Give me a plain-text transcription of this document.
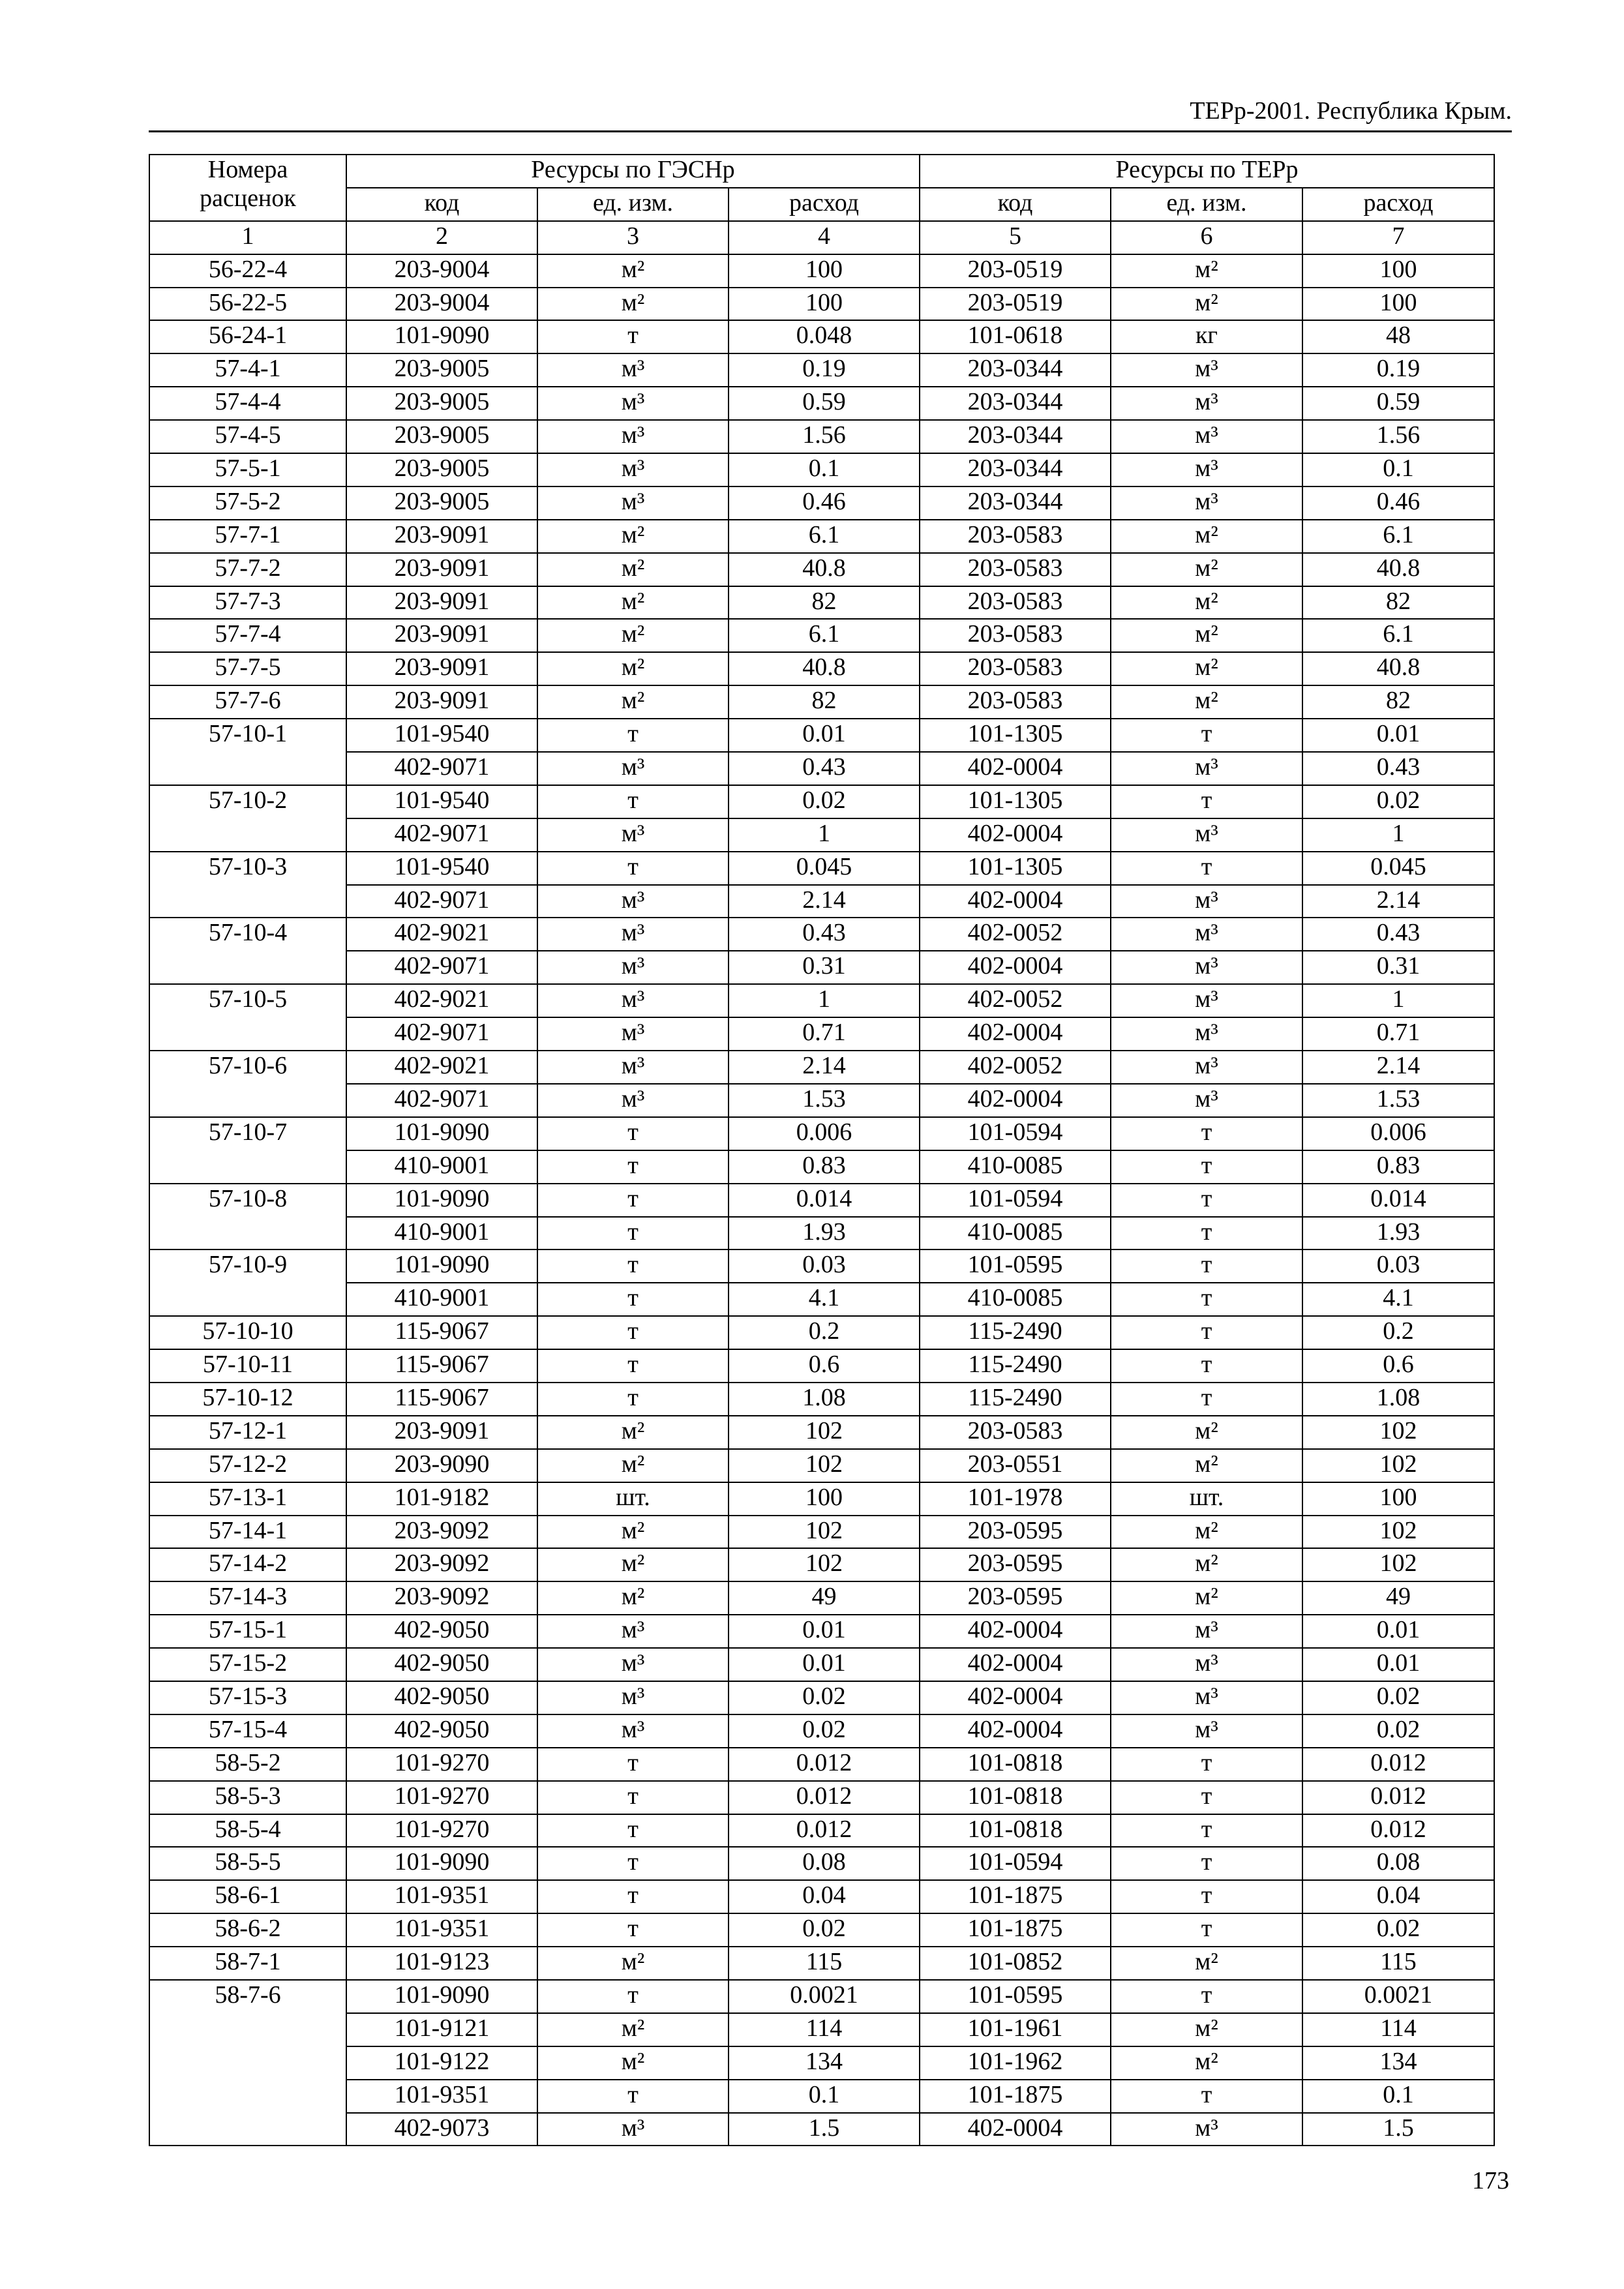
ТЕРр-2001. Республика Крым.
Номера
расценок	Ресурсы по ГЭСНр			Ресурсы по ТЕРр		
	код	ед. изм.	расход	код	ед. изм.	расход
1	2	3	4	5	6	7
56-22-4	203-9004	м²	100	203-0519	м²	100
56-22-5	203-9004	м²	100	203-0519	м²	100
56-24-1	101-9090	т	0.048	101-0618	кг	48
57-4-1	203-9005	м³	0.19	203-0344	м³	0.19
57-4-4	203-9005	м³	0.59	203-0344	м³	0.59
57-4-5	203-9005	м³	1.56	203-0344	м³	1.56
57-5-1	203-9005	м³	0.1	203-0344	м³	0.1
57-5-2	203-9005	м³	0.46	203-0344	м³	0.46
57-7-1	203-9091	м²	6.1	203-0583	м²	6.1
57-7-2	203-9091	м²	40.8	203-0583	м²	40.8
57-7-3	203-9091	м²	82	203-0583	м²	82
57-7-4	203-9091	м²	6.1	203-0583	м²	6.1
57-7-5	203-9091	м²	40.8	203-0583	м²	40.8
57-7-6	203-9091	м²	82	203-0583	м²	82
57-10-1	101-9540	т	0.01	101-1305	т	0.01
	402-9071	м³	0.43	402-0004	м³	0.43
57-10-2	101-9540	т	0.02	101-1305	т	0.02
	402-9071	м³	1	402-0004	м³	1
57-10-3	101-9540	т	0.045	101-1305	т	0.045
	402-9071	м³	2.14	402-0004	м³	2.14
57-10-4	402-9021	м³	0.43	402-0052	м³	0.43
	402-9071	м³	0.31	402-0004	м³	0.31
57-10-5	402-9021	м³	1	402-0052	м³	1
	402-9071	м³	0.71	402-0004	м³	0.71
57-10-6	402-9021	м³	2.14	402-0052	м³	2.14
	402-9071	м³	1.53	402-0004	м³	1.53
57-10-7	101-9090	т	0.006	101-0594	т	0.006
	410-9001	т	0.83	410-0085	т	0.83
57-10-8	101-9090	т	0.014	101-0594	т	0.014
	410-9001	т	1.93	410-0085	т	1.93
57-10-9	101-9090	т	0.03	101-0595	т	0.03
	410-9001	т	4.1	410-0085	т	4.1
57-10-10	115-9067	т	0.2	115-2490	т	0.2
57-10-11	115-9067	т	0.6	115-2490	т	0.6
57-10-12	115-9067	т	1.08	115-2490	т	1.08
57-12-1	203-9091	м²	102	203-0583	м²	102
57-12-2	203-9090	м²	102	203-0551	м²	102
57-13-1	101-9182	шт.	100	101-1978	шт.	100
57-14-1	203-9092	м²	102	203-0595	м²	102
57-14-2	203-9092	м²	102	203-0595	м²	102
57-14-3	203-9092	м²	49	203-0595	м²	49
57-15-1	402-9050	м³	0.01	402-0004	м³	0.01
57-15-2	402-9050	м³	0.01	402-0004	м³	0.01
57-15-3	402-9050	м³	0.02	402-0004	м³	0.02
57-15-4	402-9050	м³	0.02	402-0004	м³	0.02
58-5-2	101-9270	т	0.012	101-0818	т	0.012
58-5-3	101-9270	т	0.012	101-0818	т	0.012
58-5-4	101-9270	т	0.012	101-0818	т	0.012
58-5-5	101-9090	т	0.08	101-0594	т	0.08
58-6-1	101-9351	т	0.04	101-1875	т	0.04
58-6-2	101-9351	т	0.02	101-1875	т	0.02
58-7-1	101-9123	м²	115	101-0852	м²	115
58-7-6	101-9090	т	0.0021	101-0595	т	0.0021
	101-9121	м²	114	101-1961	м²	114
	101-9122	м²	134	101-1962	м²	134
	101-9351	т	0.1	101-1875	т	0.1
	402-9073	м³	1.5	402-0004	м³	1.5
173
